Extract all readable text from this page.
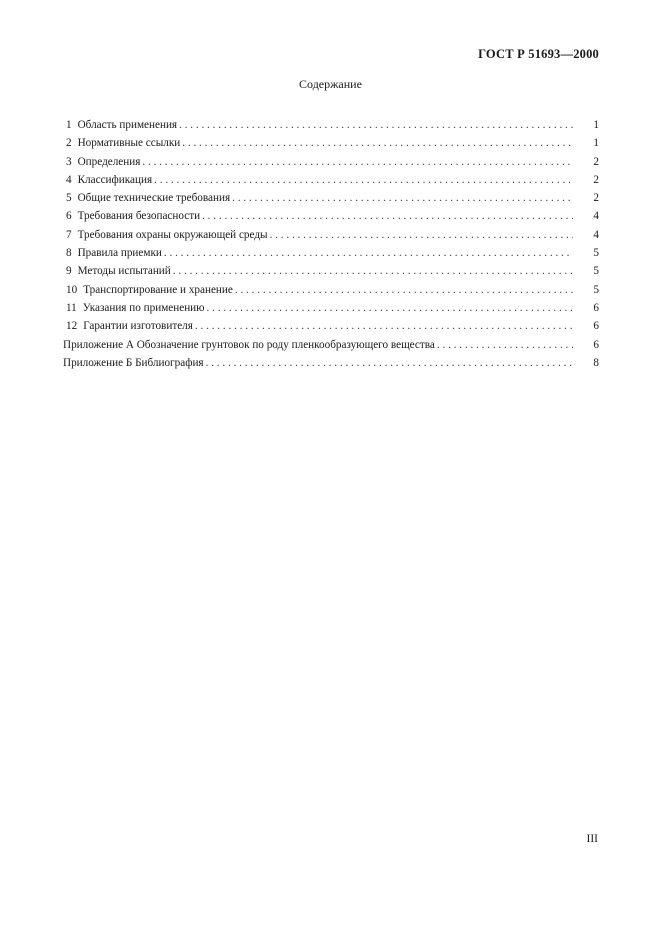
ГОСТ Р 51693—2000
Содержание
1 Область применения . . .	1
2 Нормативные ссылки . . .	1
3 Определения . . .	2
4 Классификация . . .	2
5 Общие технические требования . . .	2
6 Требования безопасности . . .	4
7 Требования охраны окружающей среды . . .	4
8 Правила приемки . . .	5
9 Методы испытаний . . .	5
10 Транспортирование и хранение . . .	5
11 Указания по применению . . .	6
12 Гарантии изготовителя . . .	6
Приложение А Обозначение грунтовок по роду пленкообразующего вещества . . .	6
Приложение Б Библиография . . .	8
III
